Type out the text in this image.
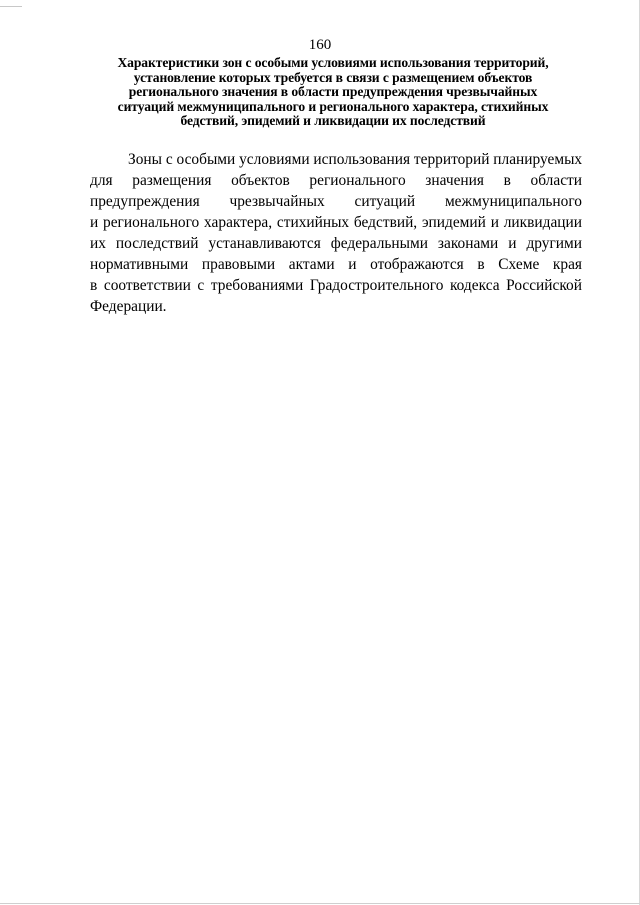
160
Характеристики зон с особыми условиями использования территорий,
установление которых требуется в связи с размещением объектов
регионального значения в области предупреждения чрезвычайных
ситуаций межмуниципального и регионального характера, стихийных
бедствий, эпидемий и ликвидации их последствий
Зоны с особыми условиями использования территорий планируемых
для размещения объектов регионального значения в области
предупреждения чрезвычайных ситуаций межмуниципального
и регионального характера, стихийных бедствий, эпидемий и ликвидации
их последствий устанавливаются федеральными законами и другими
нормативными правовыми актами и отображаются в Схеме края
в соответствии с требованиями Градостроительного кодекса Российской
Федерации.
